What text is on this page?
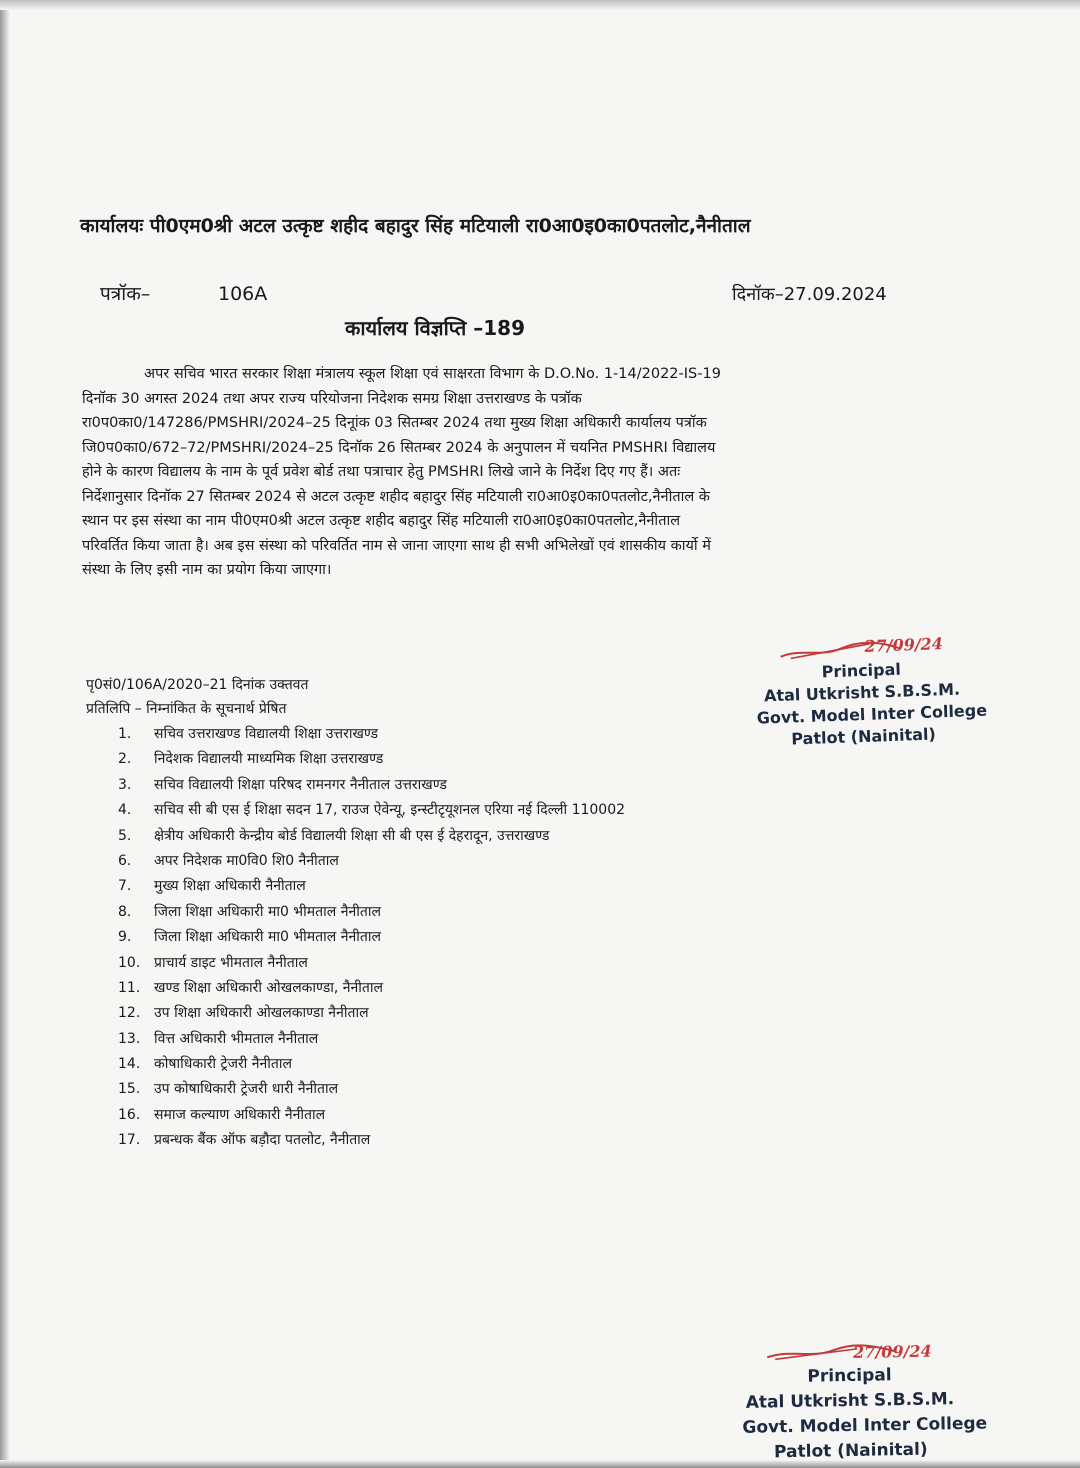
कार्यालयः पी0एम0श्री अटल उत्कृष्ट शहीद बहादुर सिंह मटियाली रा0आ0इ0का0पतलोट,नैनीताल
पत्रॉक–	106A	दिनॉक–27.09.2024
कार्यालय विज्ञप्ति –189
अपर सचिव भारत सरकार शिक्षा मंत्रालय स्कूल शिक्षा एवं साक्षरता विभाग के D.O.No. 1-14/2022-IS-19
दिनॉक 30 अगस्त 2024 तथा अपर राज्य परियोजना निदेशक समग्र शिक्षा उत्तराखण्ड के पत्रॉक
रा0प0का0/147286/PMSHRI/2024–25 दिनूांक 03 सितम्बर 2024 तथा मुख्य शिक्षा अधिकारी कार्यालय पत्रॉक
जि0प0का0/672–72/PMSHRI/2024–25 दिनॉक 26 सितम्बर 2024 के अनुपालन में चयनित PMSHRI विद्यालय
होने के कारण विद्यालय के नाम के पूर्व प्रवेश बोर्ड तथा पत्राचार हेतु PMSHRI लिखे जाने के निर्देश दिए गए हैं। अतः
निर्देशानुसार दिनॉक 27 सितम्बर 2024 से अटल उत्कृष्ट शहीद बहादुर सिंह मटियाली रा0आ0इ0का0पतलोट,नैनीताल के
स्थान पर इस संस्था का नाम पी0एम0श्री अटल उत्कृष्ट शहीद बहादुर सिंह मटियाली रा0आ0इ0का0पतलोट,नैनीताल
परिवर्तित किया जाता है। अब इस संस्था को परिवर्तित नाम से जाना जाएगा साथ ही सभी अभिलेखों एवं शासकीय कार्यो में
संस्था के लिए इसी नाम का प्रयोग किया जाएगा।
पृ0सं0/106A/2020–21 दिनांक उक्तवत
प्रतिलिपि – निम्नांकित के सूचनार्थ प्रेषित
1. सचिव उत्तराखण्ड विद्यालयी शिक्षा उत्तराखण्ड
2. निदेशक विद्यालयी माध्यमिक शिक्षा उत्तराखण्ड
3. सचिव विद्यालयी शिक्षा परिषद रामनगर नैनीताल उत्तराखण्ड
4. सचिव सी बी एस ई शिक्षा सदन 17, राउज ऐवेन्यू, इन्स्टीटृयूशनल एरिया नई दिल्ली 110002
5. क्षेत्रीय अधिकारी केन्द्रीय बोर्ड विद्यालयी शिक्षा सी बी एस ई देहरादून, उत्तराखण्ड
6. अपर निदेशक मा0वि0 शि0 नैनीताल
7. मुख्य शिक्षा अधिकारी नैनीताल
8. जिला शिक्षा अधिकारी मा0 भीमताल नैनीताल
9. जिला शिक्षा अधिकारी मा0 भीमताल नैनीताल
10. प्राचार्य डाइट भीमताल नैनीताल
11. खण्ड शिक्षा अधिकारी ओखलकाण्डा, नैनीताल
12. उप शिक्षा अधिकारी ओखलकाण्डा नैनीताल
13. वित्त अधिकारी भीमताल नैनीताल
14. कोषाधिकारी ट्रेजरी नैनीताल
15. उप कोषाधिकारी ट्रेजरी धारी नैनीताल
16. समाज कल्याण अधिकारी नैनीताल
17. प्रबन्धक बैंक ऑफ बड़ौदा पतलोट, नैनीताल
27/09/24
Principal
Atal Utkrisht S.B.S.M.
Govt. Model Inter College
Patlot (Nainital)
27/09/24
Principal
Atal Utkrisht S.B.S.M.
Govt. Model Inter College
Patlot (Nainital)
